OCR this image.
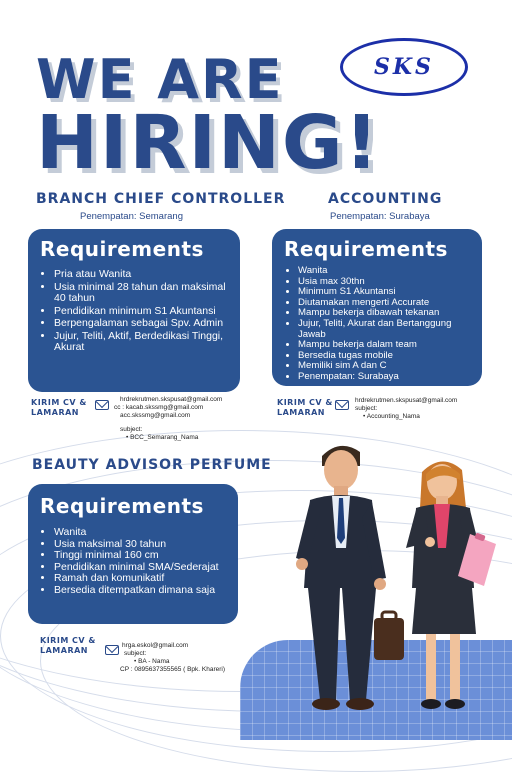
WE ARE
HIRING!
SKS
BRANCH CHIEF CONTROLLER
Penempatan: Semarang
Requirements
• Pria atau Wanita
• Usia minimal 28 tahun dan maksimal 40 tahun
• Pendidikan minimum S1 Akuntansi
• Berpengalaman sebagai Spv. Admin
• Jujur, Teliti, Aktif, Berdedikasi Tinggi, Akurat
KIRIM CV & LAMARAN
hrdrekrutmen.skspusat@gmail.com
cc : kacab.skssmg@gmail.com
acc.skssmg@gmail.com
subject:
• BCC_Semarang_Nama
ACCOUNTING
Penempatan: Surabaya
Requirements
• Wanita
• Usia max 30thn
• Minimum S1 Akuntansi
• Diutamakan mengerti Accurate
• Mampu bekerja dibawah tekanan
• Jujur, Teliti, Akurat dan Bertanggung Jawab
• Mampu bekerja dalam team
• Bersedia tugas mobile
• Memiliki sim A dan C
• Penempatan: Surabaya
KIRIM CV & LAMARAN
hrdrekrutmen.skspusat@gmail.com
subject:
• Accounting_Nama
BEAUTY ADVISOR PERFUME
Requirements
• Wanita
• Usia maksimal 30 tahun
• Tinggi minimal 160 cm
• Pendidikan minimal SMA/Sederajat
• Ramah dan komunikatif
• Bersedia ditempatkan dimana saja
KIRIM CV & LAMARAN
hrga.eskol@gmail.com
subject:
• BA - Nama
CP : 0895637355565 ( Bpk. Khareri)
